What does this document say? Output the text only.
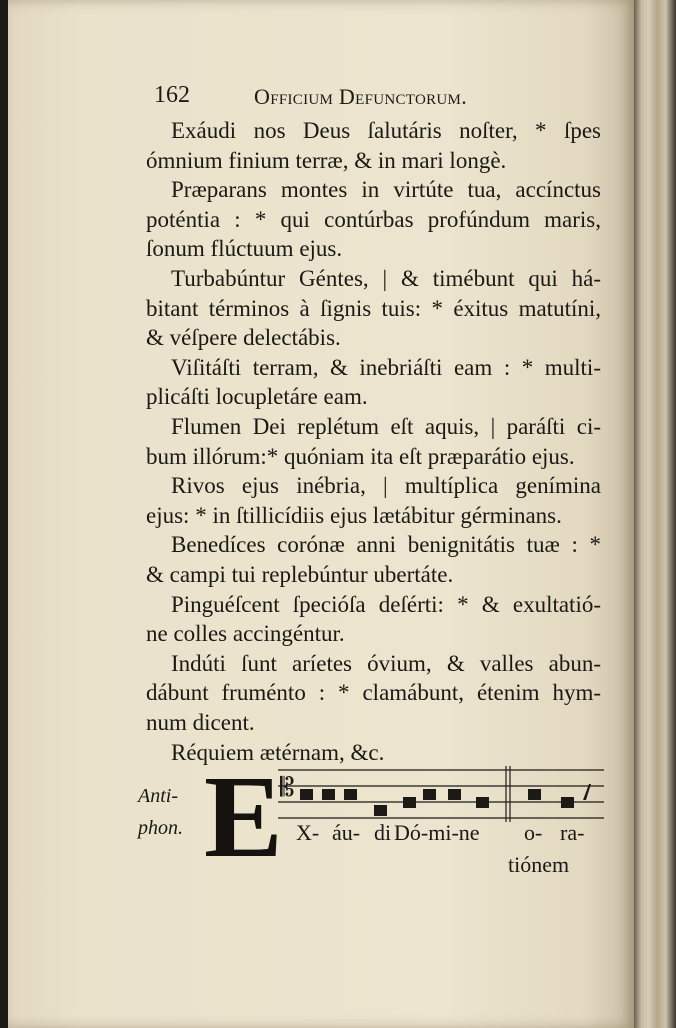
162	Officium Defunctorum.
Exáudi nos Deus ſalutáris noſter, * ſpes
ómnium finium terræ, & in mari longè.
Præparans montes in virtúte tua, accínctus
poténtia : * qui contúrbas profúndum maris,
ſonum flúctuum ejus.
Turbabúntur Géntes, | & timébunt qui há-
bitant términos à ſignis tuis: * éxitus matutíni,
& véſpere delectábis.
Viſitáſti terram, & inebriáſti eam : * multi-
plicáſti locupletáre eam.
Flumen Dei replétum eſt aquis, | paráſti ci-
bum illórum:* quóniam ita eſt præparátio ejus.
Rivos ejus inébria, | multíplica genímina
ejus: * in ſtillicídiis ejus lætábitur gérminans.
Benedíces corónæ anni benignitátis tuæ : *
& campi tui replebúntur ubertáte.
Pinguéſcent ſpecióſa deſérti: * & exultatió-
ne colles accingéntur.
Indúti ſunt aríetes óvium, & valles abun-
dábunt fruménto : * clamábunt, étenim hym-
num dicent.
Réquiem ætérnam, &c.
Anti-
phon. E
𝄡
X- áu- di Dó-mi-ne o- ra-
tiónem
